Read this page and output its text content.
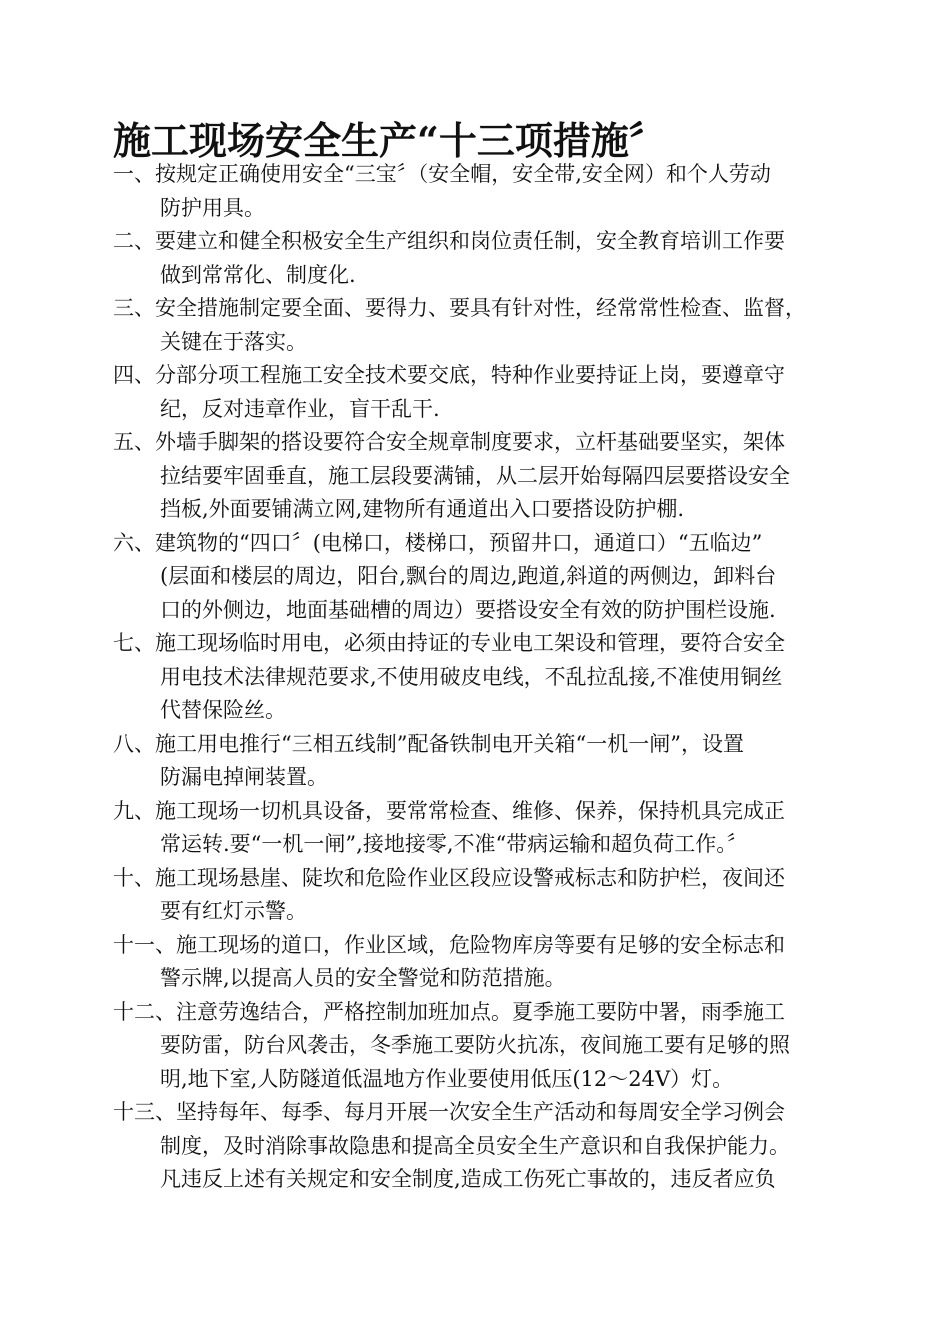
施工现场安全生产“十三项措施〞
一、按规定正确使用安全“三宝〞（安全帽，安全带,安全网）和个人劳动
防护用具。
二、要建立和健全积极安全生产组织和岗位责任制，安全教育培训工作要
做到常常化、制度化.
三、安全措施制定要全面、要得力、要具有针对性，经常常性检查、监督，
关键在于落实。
四、分部分项工程施工安全技术要交底，特种作业要持证上岗，要遵章守
纪，反对违章作业，盲干乱干.
五、外墙手脚架的搭设要符合安全规章制度要求，立杆基础要坚实，架体
拉结要牢固垂直，施工层段要满铺，从二层开始每隔四层要搭设安全
挡板,外面要铺满立网,建物所有通道出入口要搭设防护棚.
六、建筑物的“四口〞(电梯口，楼梯口，预留井口，通道口）“五临边”
(层面和楼层的周边，阳台,飘台的周边,跑道,斜道的两侧边，卸料台
口的外侧边，地面基础槽的周边）要搭设安全有效的防护围栏设施.
七、施工现场临时用电，必须由持证的专业电工架设和管理，要符合安全
用电技术法律规范要求,不使用破皮电线，不乱拉乱接,不准使用铜丝
代替保险丝。
八、施工用电推行“三相五线制”配备铁制电开关箱“一机一闸”，设置
防漏电掉闸装置。
九、施工现场一切机具设备，要常常检查、维修、保养，保持机具完成正
常运转.要“一机一闸”,接地接零,不准“带病运输和超负荷工作。〞
十、施工现场悬崖、陡坎和危险作业区段应设警戒标志和防护栏，夜间还
要有红灯示警。
十一、施工现场的道口，作业区域，危险物库房等要有足够的安全标志和
警示牌,以提高人员的安全警觉和防范措施。
十二、注意劳逸结合，严格控制加班加点。夏季施工要防中署，雨季施工
要防雷，防台风袭击，冬季施工要防火抗冻，夜间施工要有足够的照
明,地下室,人防隧道低温地方作业要使用低压(12～24V）灯。
十三、坚持每年、每季、每月开展一次安全生产活动和每周安全学习例会
制度，及时消除事故隐患和提高全员安全生产意识和自我保护能力。
凡违反上述有关规定和安全制度,造成工伤死亡事故的，违反者应负
